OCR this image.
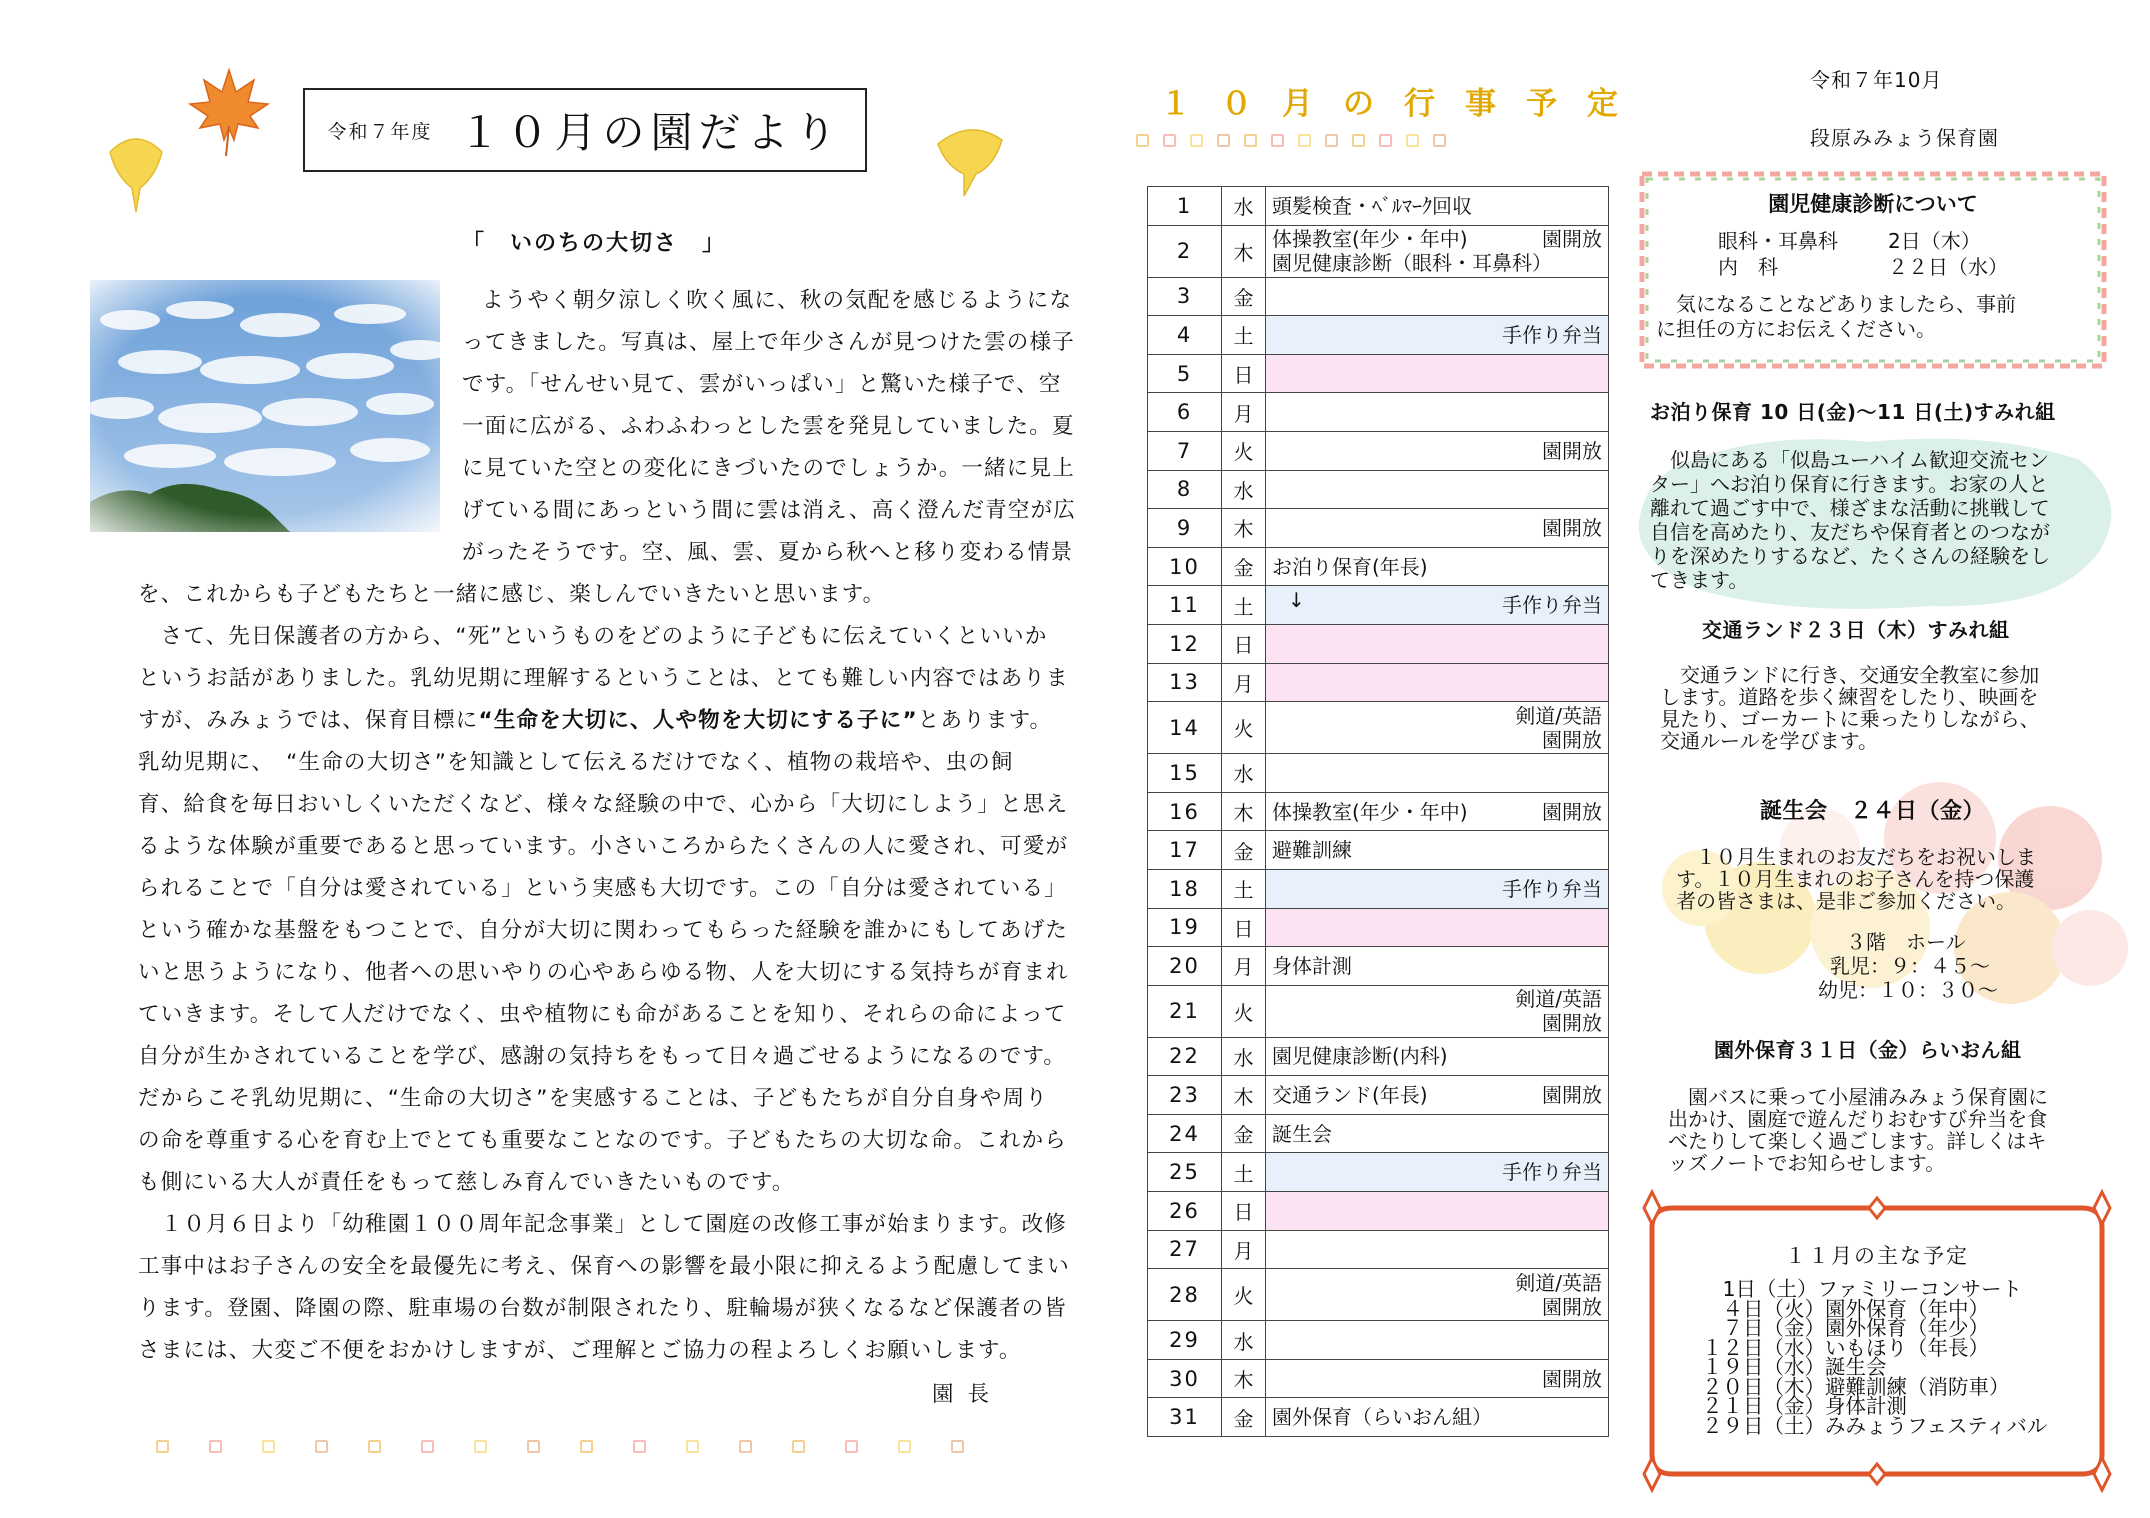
令和７年度 １０月の園だより
「　いのちの大切さ　」
ようやく朝夕涼しく吹く風に、秋の気配を感じるようにな
ってきました。写真は、屋上で年少さんが見つけた雲の様子
です。「せんせい見て、雲がいっぱい」と驚いた様子で、空
一面に広がる、ふわふわっとした雲を発見していました。夏
に見ていた空との変化にきづいたのでしょうか。一緒に見上
げている間にあっという間に雲は消え、高く澄んだ青空が広
がったそうです。空、風、雲、夏から秋へと移り変わる情景
を、これからも子どもたちと一緒に感じ、楽しんでいきたいと思います。
　さて、先日保護者の方から、“死”というものをどのように子どもに伝えていくといいか
というお話がありました。乳幼児期に理解するということは、とても難しい内容ではありま
すが、みみょうでは、保育目標に“生命を大切に、人や物を大切にする子に”とあります。
乳幼児期に、　“生命の大切さ”を知識として伝えるだけでなく、植物の栽培や、虫の飼
育、給食を毎日おいしくいただくなど、様々な経験の中で、心から「大切にしよう」と思え
るような体験が重要であると思っています。小さいころからたくさんの人に愛され、可愛が
られることで「自分は愛されている」という実感も大切です。この「自分は愛されている」
という確かな基盤をもつことで、自分が大切に関わってもらった経験を誰かにもしてあげた
いと思うようになり、他者への思いやりの心やあらゆる物、人を大切にする気持ちが育まれ
ていきます。そして人だけでなく、虫や植物にも命があることを知り、それらの命によって
自分が生かされていることを学び、感謝の気持ちをもって日々過ごせるようになるのです。
だからこそ乳幼児期に、“生命の大切さ”を実感することは、子どもたちが自分自身や周り
の命を尊重する心を育む上でとても重要なことなのです。子どもたちの大切な命。これから
も側にいる大人が責任をもって慈しみ育んでいきたいものです。
　１０月６日より「幼稚園１００周年記念事業」として園庭の改修工事が始まります。改修
工事中はお子さんの安全を最優先に考え、保育への影響を最小限に抑えるよう配慮してまい
ります。登園、降園の際、駐車場の台数が制限されたり、駐輪場が狭くなるなど保護者の皆
さまには、大変ご不便をおかけしますが、ご理解とご協力の程よろしくお願いします。
園長
１０月の行事予定
1	水	頭髪検査・ﾍﾞﾙﾏｰｸ回収

2	木	体操教室(年少・年中) 園開放
園児健康診断（眼科・耳鼻科）

3	金	

4	土	手作り弁当

5	日	

6	月	

7	火	園開放

8	水	

9	木	園開放

10	金	お泊り保育(年長)

11	土	↓ 手作り弁当

12	日	

13	月	

14	火	剣道/英語
園開放

15	水	

16	木	体操教室(年少・年中) 園開放

17	金	避難訓練

18	土	手作り弁当

19	日	

20	月	身体計測

21	火	剣道/英語
園開放

22	水	園児健康診断(内科)

23	木	交通ランド(年長) 園開放

24	金	誕生会

25	土	手作り弁当

26	日	

27	月	

28	火	剣道/英語
園開放

29	水	

30	木	園開放

31	金	園外保育（らいおん組）
令和７年10月
段原みみょう保育園
園児健康診断について
眼科・耳鼻科	2日（木）
内　科	２２日（水）
気になることなどありましたら、事前
に担任の方にお伝えください。
お泊り保育 10 日(金)～11 日(土)すみれ組
　似島にある「似島ユーハイム歓迎交流セン
ター」へお泊り保育に行きます。お家の人と
離れて過ごす中で、様ざまな活動に挑戦して
自信を高めたり、友だちや保育者とのつなが
りを深めたりするなど、たくさんの経験をし
てきます。
交通ランド２３日（木）すみれ組
　交通ランドに行き、交通安全教室に参加
します。道路を歩く練習をしたり、映画を
見たり、ゴーカートに乗ったりしながら、
交通ルールを学びます。
誕生会　２４日（金）
　１０月生まれのお友だちをお祝いしま
す。１０月生まれのお子さんを持つ保護
者の皆さまは、是非ご参加ください。
３階　ホール
乳児：９：４５～
幼児：１０：３０～
園外保育３１日（金）らいおん組
　園バスに乗って小屋浦みみょう保育園に
出かけ、園庭で遊んだりおむすび弁当を食
べたりして楽しく過ごします。詳しくはキ
ッズノートでお知らせします。
１１月の主な予定
　1日（土）ファミリーコンサート
　４日（火）園外保育（年中）
　７日（金）園外保育（年少）
１２日（水）いもほり（年長）
１９日（水）誕生会
２０日（木）避難訓練（消防車）
２１日（金）身体計測
２９日（土）みみょうフェスティバル
